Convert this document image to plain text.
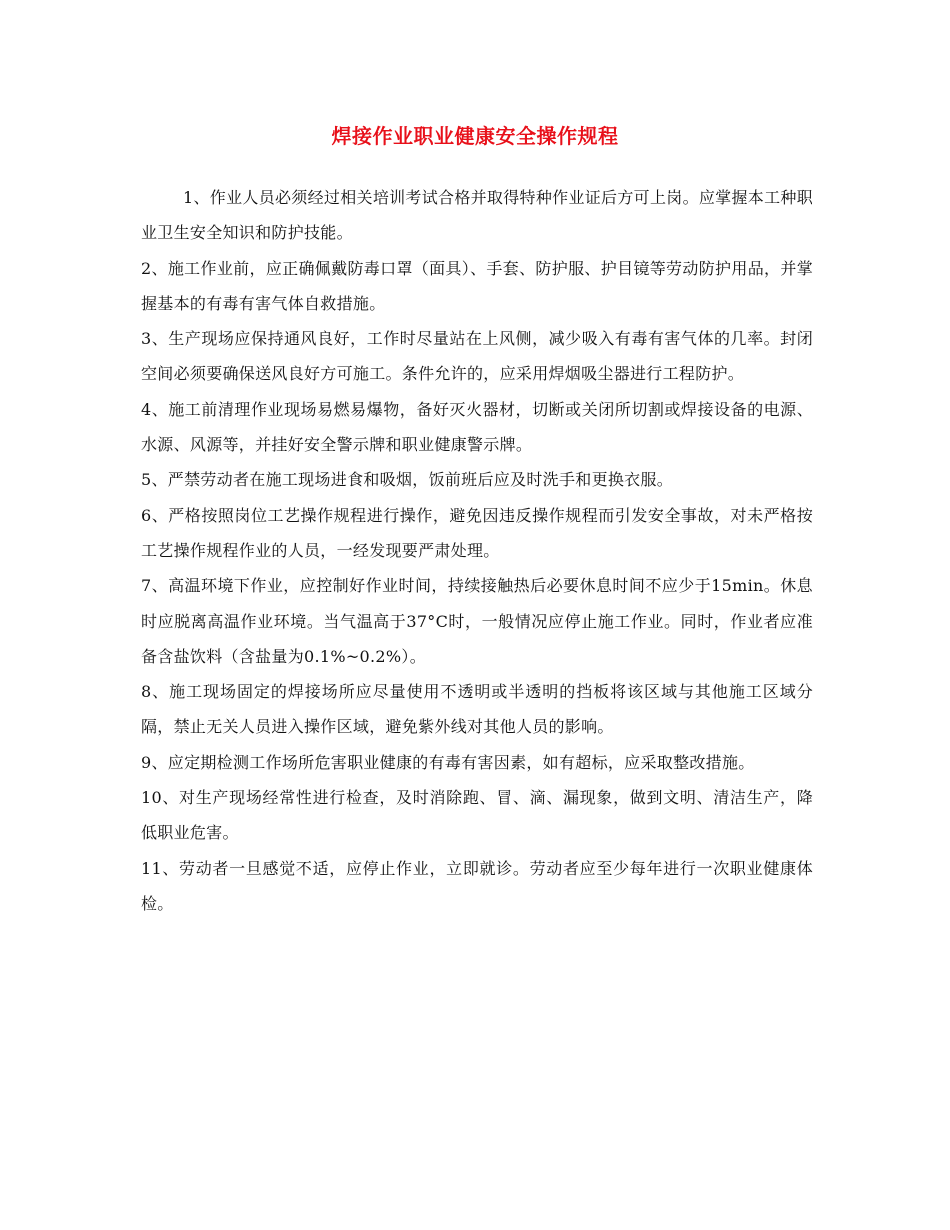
焊接作业职业健康安全操作规程

1、作业人员必须经过相关培训考试合格并取得特种作业证后方可上岗。应掌握本工种职业卫生安全知识和防护技能。

2、施工作业前，应正确佩戴防毒口罩（面具）、手套、防护服、护目镜等劳动防护用品，并掌握基本的有毒有害气体自救措施。

3、生产现场应保持通风良好，工作时尽量站在上风侧，减少吸入有毒有害气体的几率。封闭空间必须要确保送风良好方可施工。条件允许的，应采用焊烟吸尘器进行工程防护。

4、施工前清理作业现场易燃易爆物，备好灭火器材，切断或关闭所切割或焊接设备的电源、水源、风源等，并挂好安全警示牌和职业健康警示牌。

5、严禁劳动者在施工现场进食和吸烟，饭前班后应及时洗手和更换衣服。

6、严格按照岗位工艺操作规程进行操作，避免因违反操作规程而引发安全事故，对未严格按工艺操作规程作业的人员，一经发现要严肃处理。

7、高温环境下作业，应控制好作业时间，持续接触热后必要休息时间不应少于15min。休息时应脱离高温作业环境。当气温高于37°C时，一般情况应停止施工作业。同时，作业者应准备含盐饮料（含盐量为0.1%~0.2%）。

8、施工现场固定的焊接场所应尽量使用不透明或半透明的挡板将该区域与其他施工区域分隔，禁止无关人员进入操作区域，避免紫外线对其他人员的影响。

9、应定期检测工作场所危害职业健康的有毒有害因素，如有超标，应采取整改措施。

10、对生产现场经常性进行检查，及时消除跑、冒、滴、漏现象，做到文明、清洁生产，降低职业危害。

11、劳动者一旦感觉不适，应停止作业，立即就诊。劳动者应至少每年进行一次职业健康体检。
